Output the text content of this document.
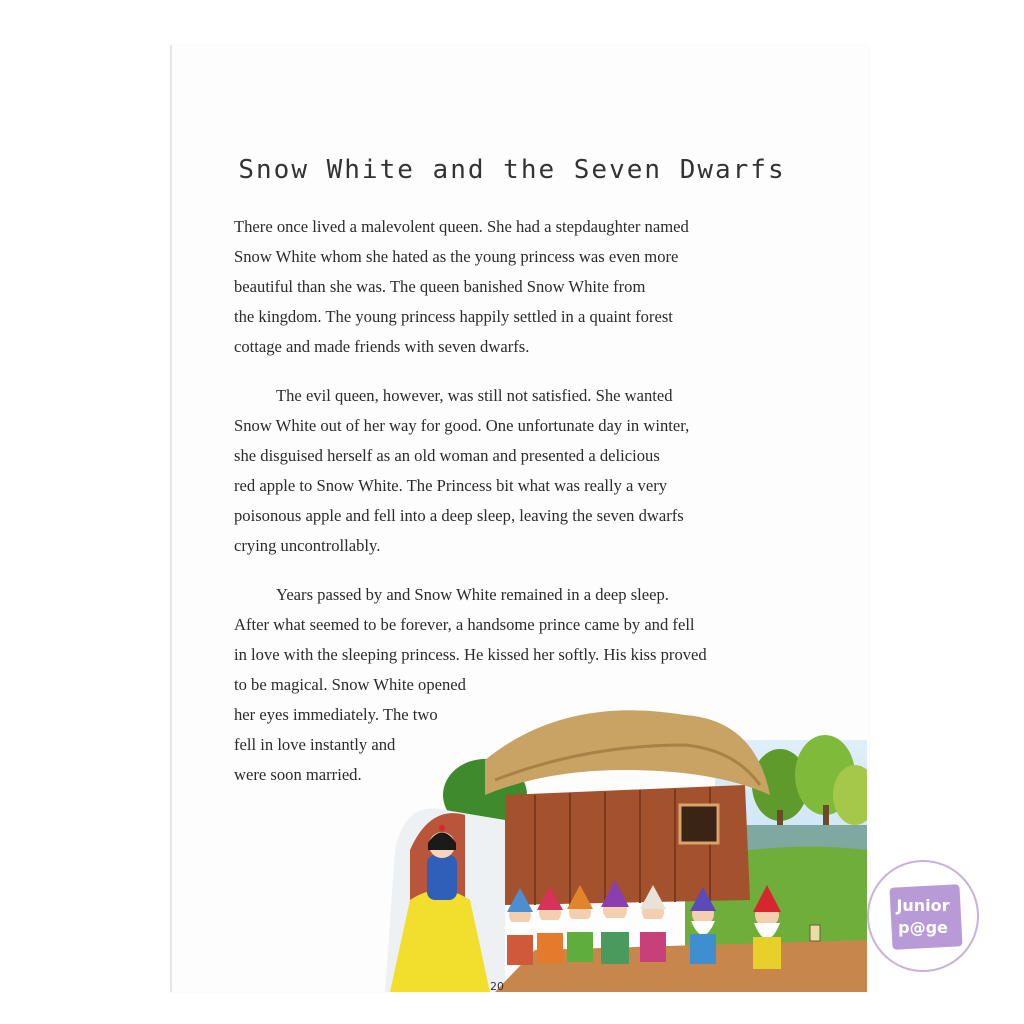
Snow White and the Seven Dwarfs
There once lived a malevolent queen. She had a stepdaughter named
Snow White whom she hated as the young princess was even more
beautiful than she was. The queen banished Snow White from
the kingdom. The young princess happily settled in a quaint forest
cottage and made friends with seven dwarfs.
The evil queen, however, was still not satisfied. She wanted
Snow White out of her way for good. One unfortunate day in winter,
she disguised herself as an old woman and presented a delicious
red apple to Snow White. The Princess bit what was really a very
poisonous apple and fell into a deep sleep, leaving the seven dwarfs
crying uncontrollably.
Years passed by and Snow White remained in a deep sleep.
After what seemed to be forever, a handsome prince came by and fell
in love with the sleeping princess. He kissed her softly. His kiss proved
to be magical. Snow White opened
her eyes immediately. The two
fell in love instantly and
were soon married.
20
Junior
p@ge
